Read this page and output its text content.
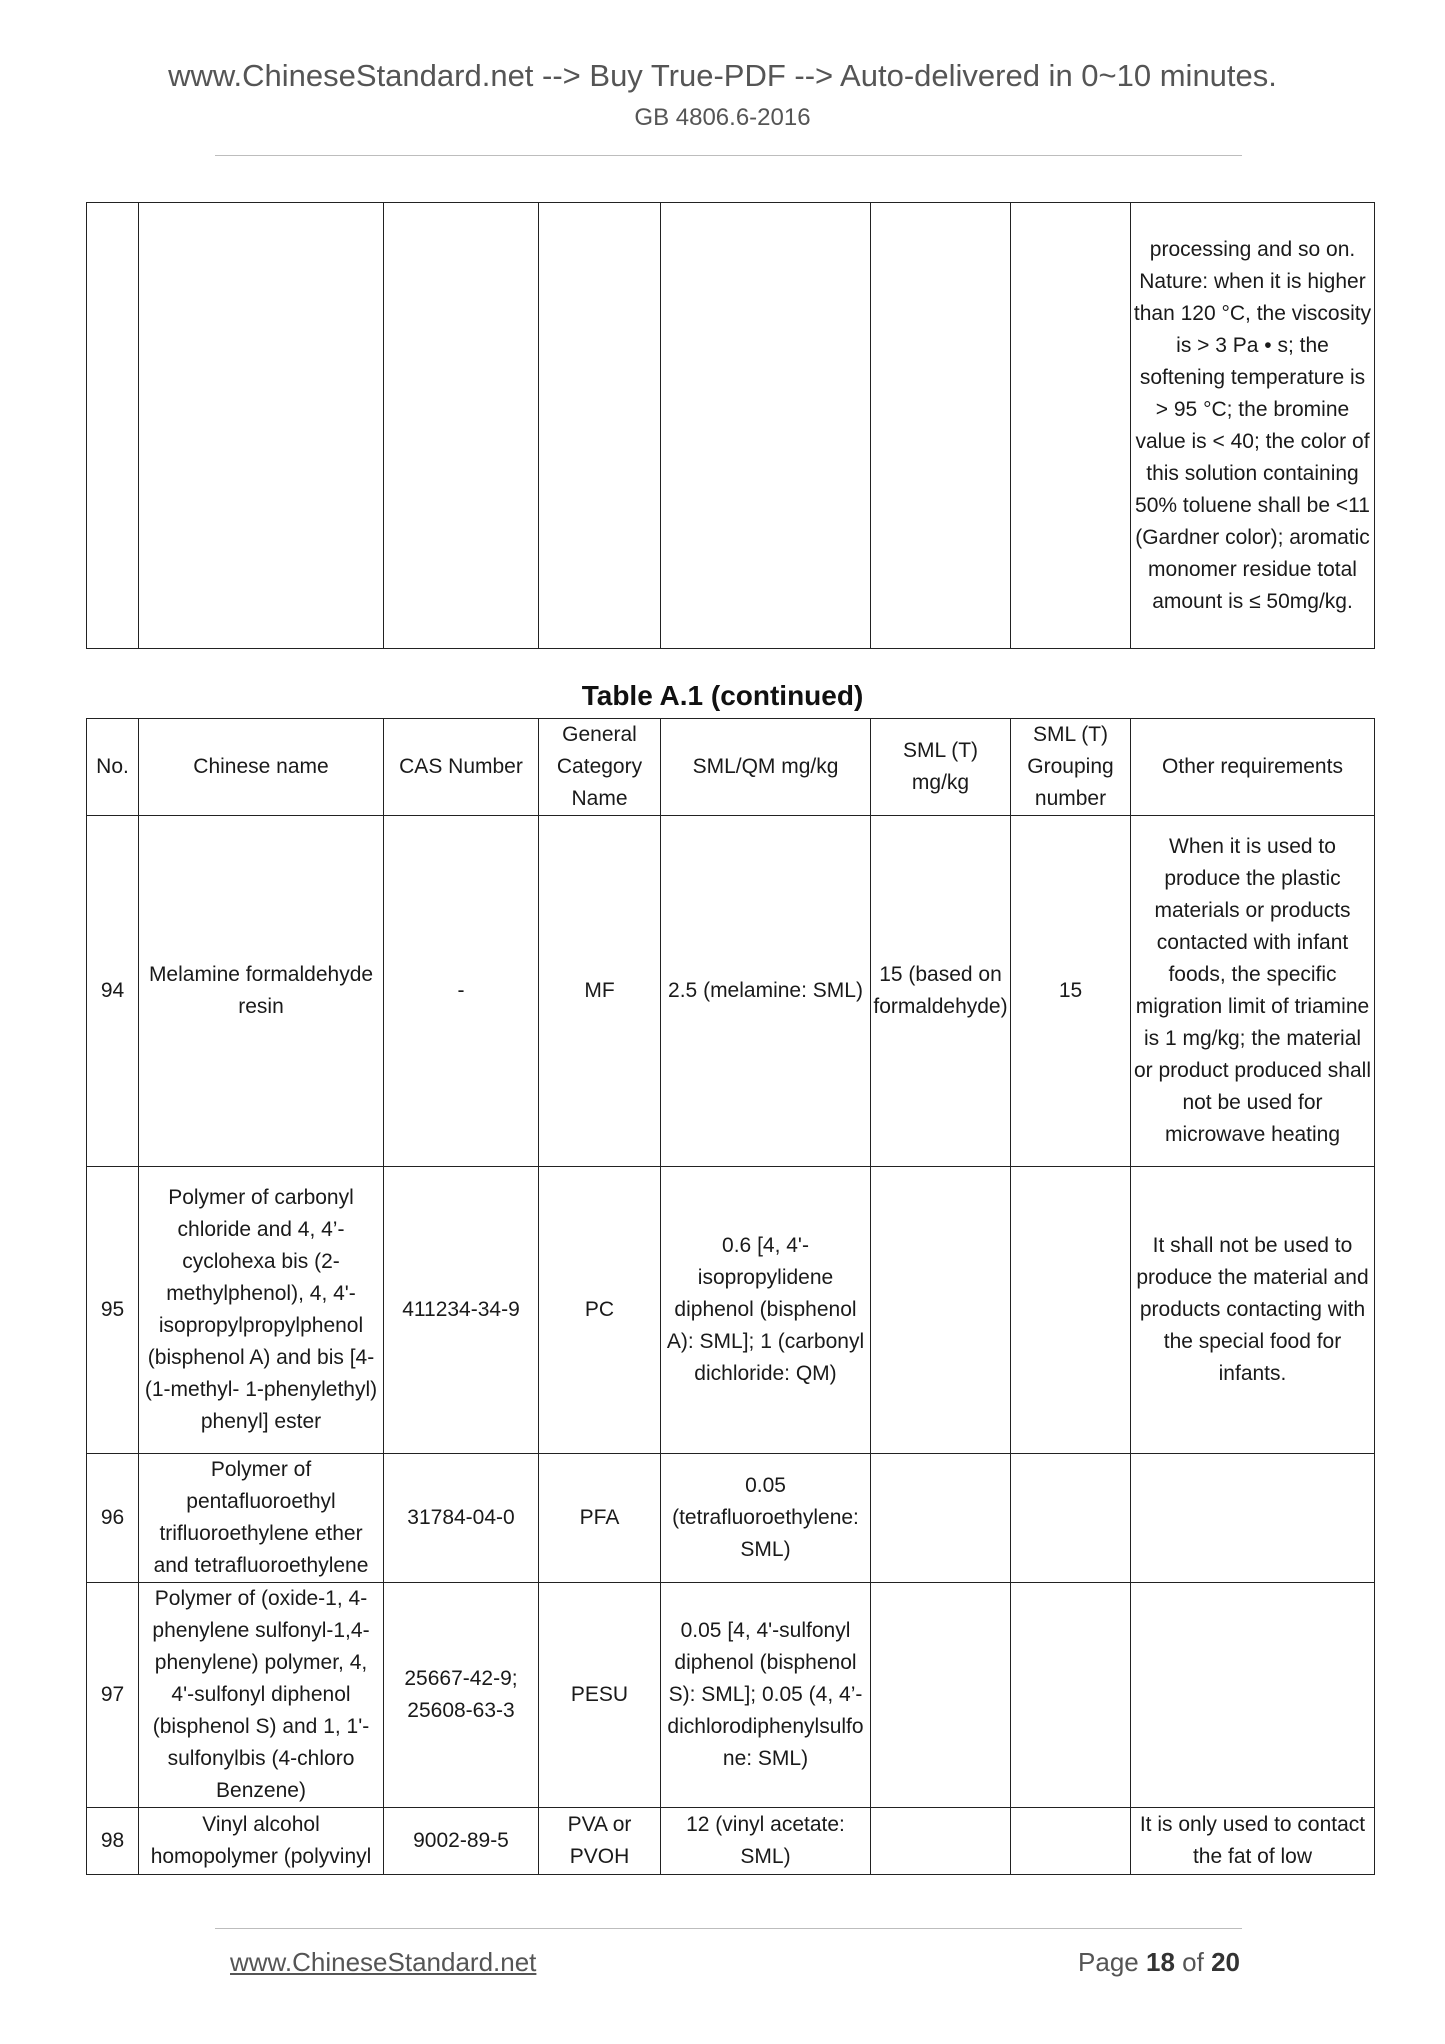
www.ChineseStandard.net --> Buy True-PDF --> Auto-delivered in 0~10 minutes.
GB 4806.6-2016
							processing and so on. Nature: when it is higher than 120 °C, the viscosity is > 3 Pa • s; the softening temperature is > 95 °C; the bromine value is < 40; the color of this solution containing 50% toluene shall be <11 (Gardner color); aromatic monomer residue total amount is ≤ 50mg/kg.
Table A.1 (continued)
No.	Chinese name	CAS Number	General Category Name	SML/QM mg/kg	SML (T) mg/kg	SML (T) Grouping number	Other requirements
94	Melamine formaldehyde resin	-	MF	2.5 (melamine: SML)	15 (based on formaldehyde)	15	When it is used to produce the plastic materials or products contacted with infant foods, the specific migration limit of triamine is 1 mg/kg; the material or product produced shall not be used for microwave heating
95	Polymer of carbonyl chloride and 4, 4’-cyclohexa bis (2-methylphenol), 4, 4'-isopropylpropylphenol (bisphenol A) and bis [4- (1-methyl- 1-phenylethyl) phenyl] ester	411234-34-9	PC	0.6 [4, 4'-isopropylidene diphenol (bisphenol A): SML]; 1 (carbonyl dichloride: QM)			It shall not be used to produce the material and products contacting with the special food for infants.
96	Polymer of pentafluoroethyl trifluoroethylene ether and tetrafluoroethylene	31784-04-0	PFA	0.05 (tetrafluoroethylene: SML)			
97	Polymer of (oxide-1, 4-phenylene sulfonyl-1,4-phenylene) polymer, 4, 4'-sulfonyl diphenol (bisphenol S) and 1, 1'-sulfonylbis (4-chloro Benzene)	25667-42-9; 25608-63-3	PESU	0.05 [4, 4'-sulfonyl diphenol (bisphenol S): SML]; 0.05 (4, 4’-dichlorodiphenylsulfone: SML)			
98	Vinyl alcohol homopolymer (polyvinyl	9002-89-5	PVA or PVOH	12 (vinyl acetate: SML)			It is only used to contact the fat of low
www.ChineseStandard.net	Page 18 of 20
